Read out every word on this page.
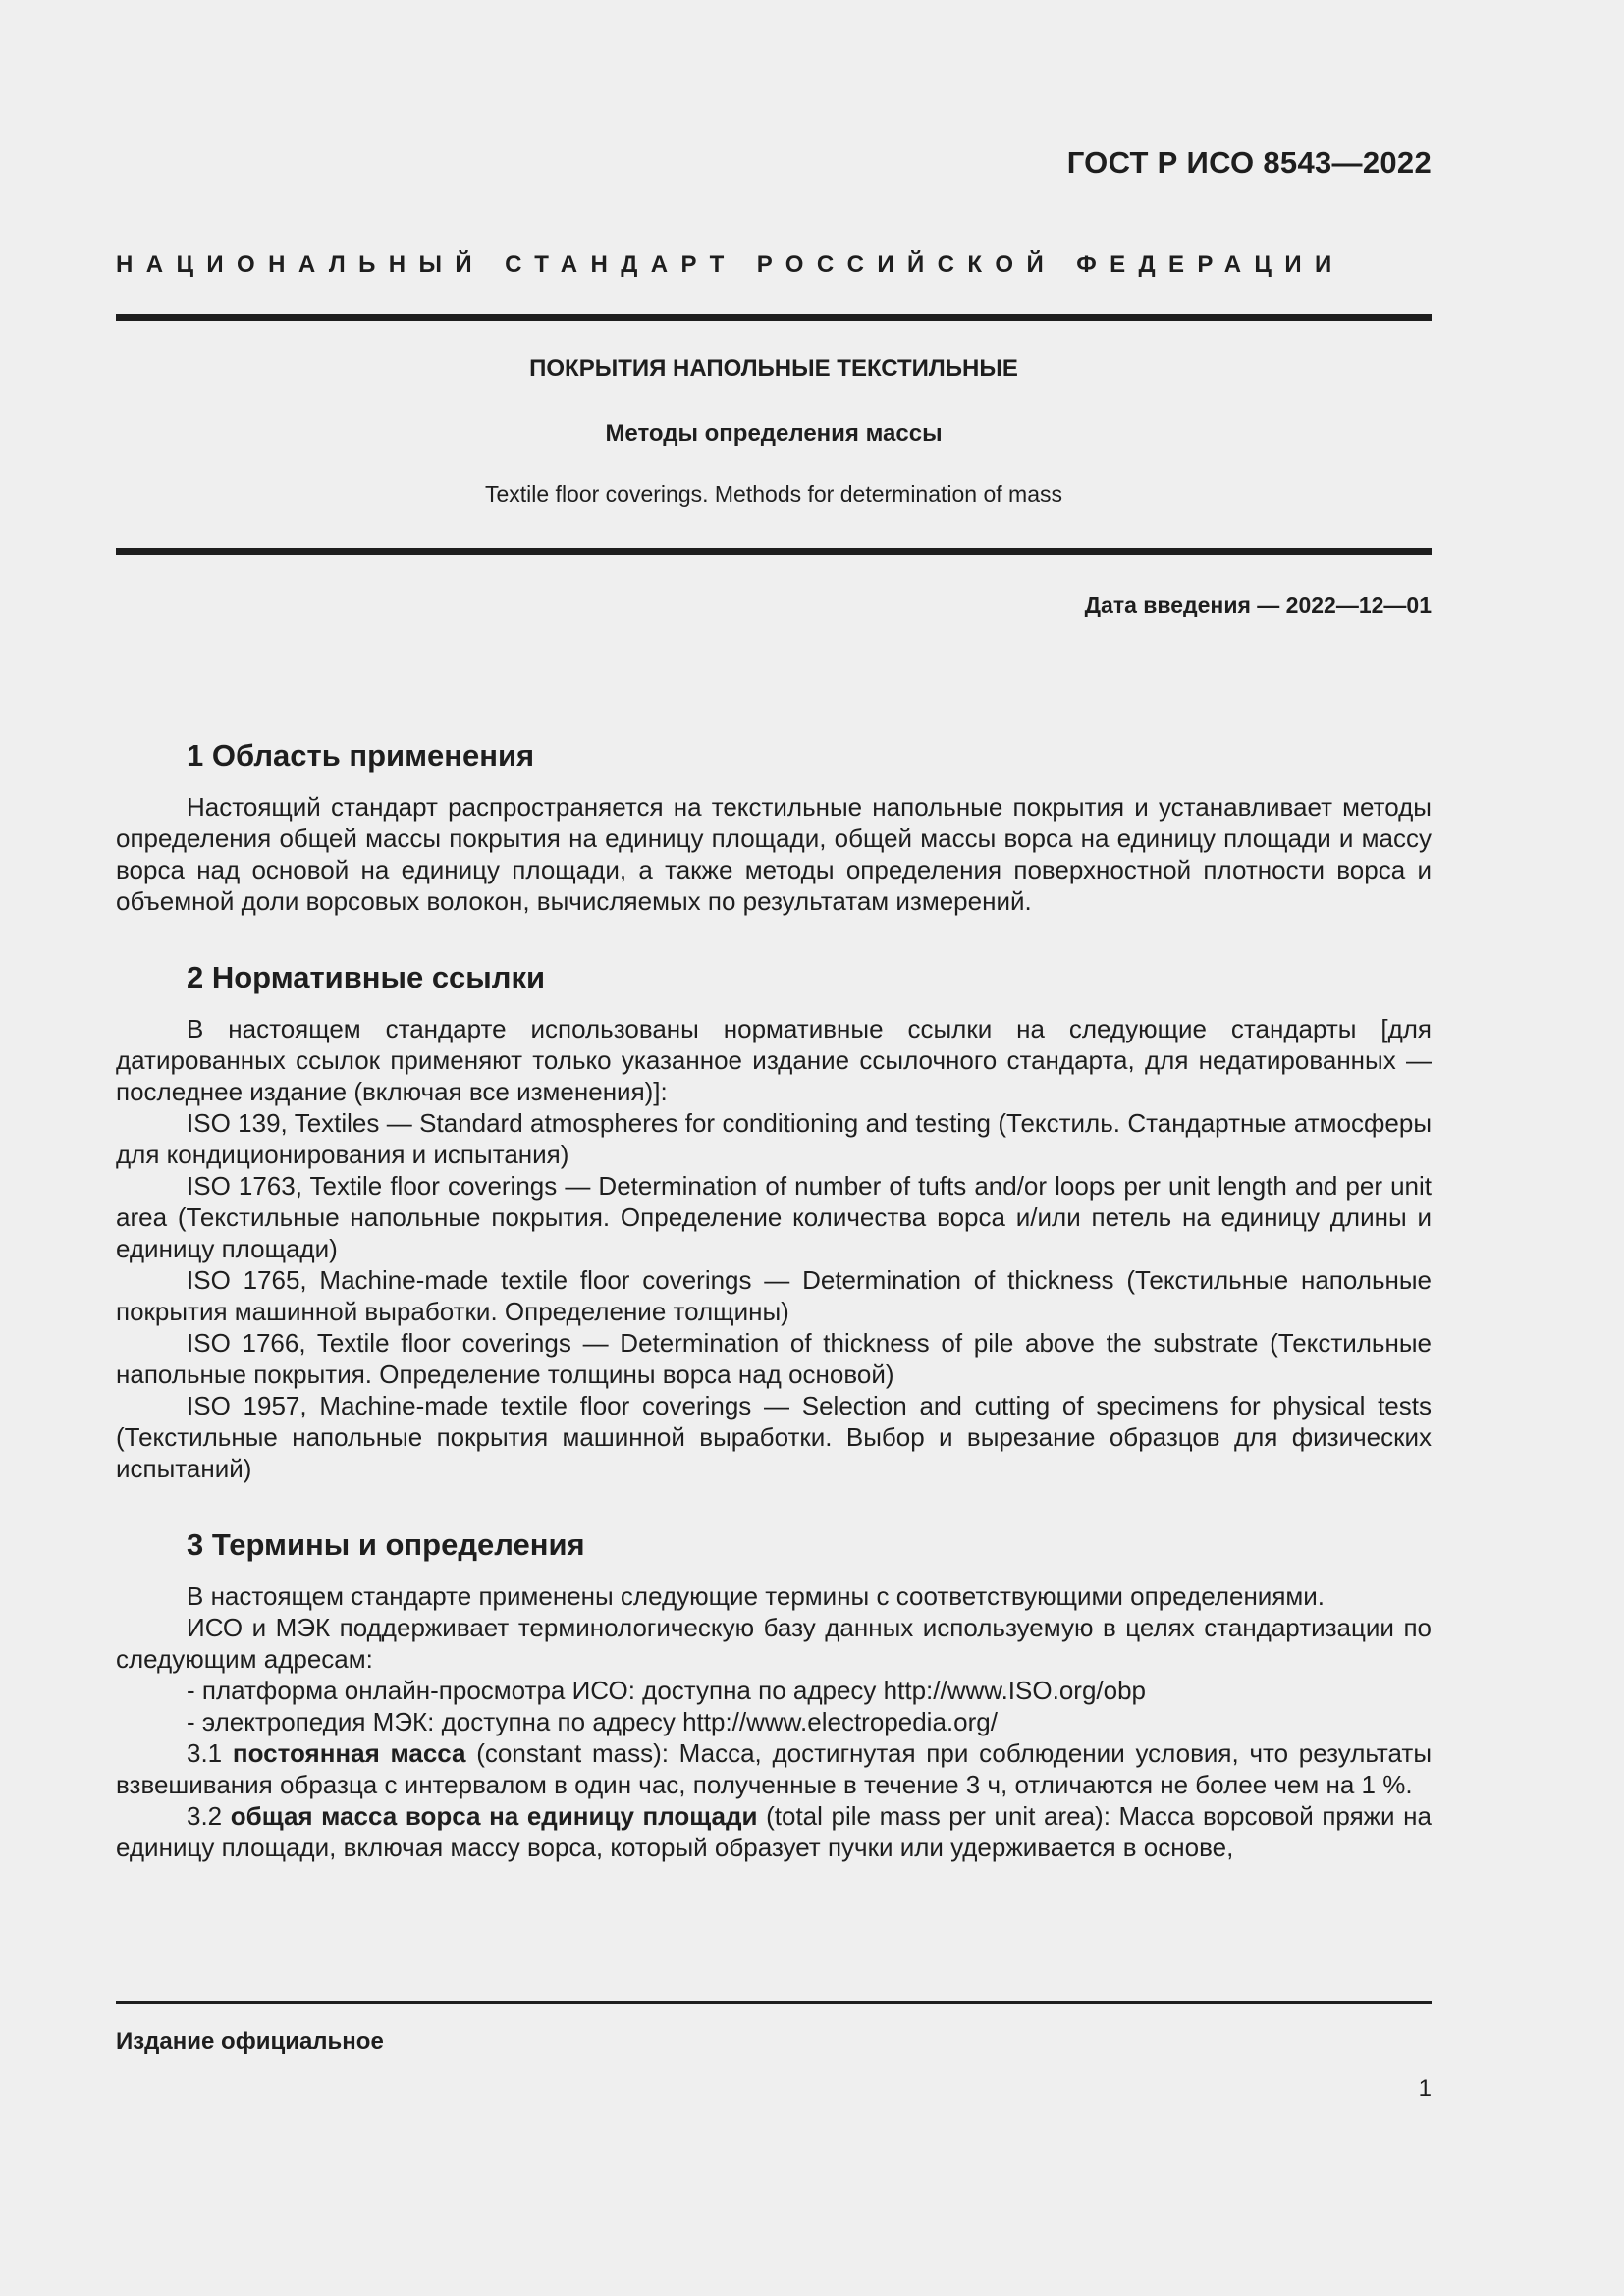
ГОСТ Р ИСО 8543—2022
НАЦИОНАЛЬНЫЙ СТАНДАРТ РОССИЙСКОЙ ФЕДЕРАЦИИ
ПОКРЫТИЯ НАПОЛЬНЫЕ ТЕКСТИЛЬНЫЕ
Методы определения массы
Textile floor coverings. Methods for determination of mass
Дата введения — 2022—12—01
1 Область применения

Настоящий стандарт распространяется на текстильные напольные покрытия и устанавливает методы определения общей массы покрытия на единицу площади, общей массы ворса на единицу площади и массу ворса над основой на единицу площади, а также методы определения поверхностной плотности ворса и объемной доли ворсовых волокон, вычисляемых по результатам измерений.

2 Нормативные ссылки

В настоящем стандарте использованы нормативные ссылки на следующие стандарты [для датированных ссылок применяют только указанное издание ссылочного стандарта, для недатированных — последнее издание (включая все изменения)]:

ISO 139, Textiles — Standard atmospheres for conditioning and testing (Текстиль. Стандартные атмосферы для кондиционирования и испытания)

ISO 1763, Textile floor coverings — Determination of number of tufts and/or loops per unit length and per unit area (Текстильные напольные покрытия. Определение количества ворса и/или петель на единицу длины и единицу площади)

ISO 1765, Machine-made textile floor coverings — Determination of thickness (Текстильные напольные покрытия машинной выработки. Определение толщины)

ISO 1766, Textile floor coverings — Determination of thickness of pile above the substrate (Текстильные напольные покрытия. Определение толщины ворса над основой)

ISO 1957, Machine-made textile floor coverings — Selection and cutting of specimens for physical tests (Текстильные напольные покрытия машинной выработки. Выбор и вырезание образцов для физических испытаний)

3 Термины и определения

В настоящем стандарте применены следующие термины с соответствующими определениями.

ИСО и МЭК поддерживает терминологическую базу данных используемую в целях стандартизации по следующим адресам:

- платформа онлайн-просмотра ИСО: доступна по адресу http://www.ISO.org/obp

- электропедия МЭК: доступна по адресу http://www.electropedia.org/

3.1 постоянная масса (constant mass): Масса, достигнутая при соблюдении условия, что результаты взвешивания образца с интервалом в один час, полученные в течение 3 ч, отличаются не более чем на 1 %.

3.2 общая масса ворса на единицу площади (total pile mass per unit area): Масса ворсовой пряжи на единицу площади, включая массу ворса, который образует пучки или удерживается в основе,

Издание официальное
1
